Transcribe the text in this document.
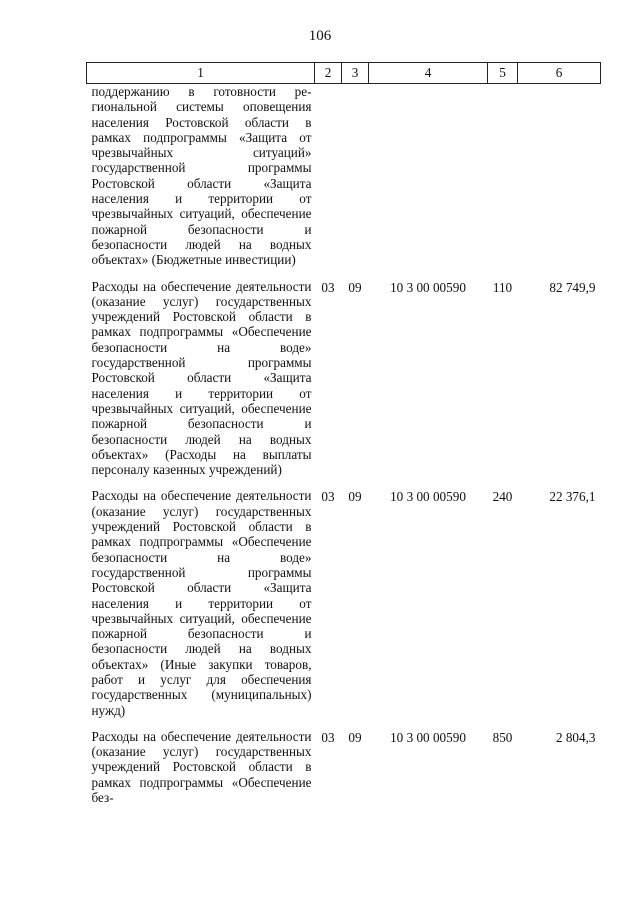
106
1	2	3	4	5	6
поддержанию в готовности ре-гиональной системы оповещения населения Ростовской области в рамках подпрограммы «Защита от чрезвычайных ситуаций» государственной программы Ростовской области «Защита населения и территории от чрезвычайных ситуаций, обеспечение пожарной безопасности и безопасности людей на водных объектах» (Бюджетные инвестиции)					
Расходы на обеспечение деятельности (оказание услуг) государственных учреждений Ростовской области в рамках подпрограммы «Обеспечение безопасности на воде» государственной программы Ростовской области «Защита населения и территории от чрезвычайных ситуаций, обеспечение пожарной безопасности и безопасности людей на водных объектах» (Расходы на выплаты персоналу казенных учреждений)	03	09	10 3 00 00590	110	82 749,9
Расходы на обеспечение деятельности (оказание услуг) государственных учреждений Ростовской области в рамках подпрограммы «Обеспечение безопасности на воде» государственной программы Ростовской области «Защита населения и территории от чрезвычайных ситуаций, обеспечение пожарной безопасности и безопасности людей на водных объектах» (Иные закупки товаров, работ и услуг для обеспечения государственных (муниципальных) нужд)	03	09	10 3 00 00590	240	22 376,1
Расходы на обеспечение деятельности (оказание услуг) государственных учреждений Ростовской области в рамках подпрограммы «Обеспечение без-	03	09	10 3 00 00590	850	2 804,3
